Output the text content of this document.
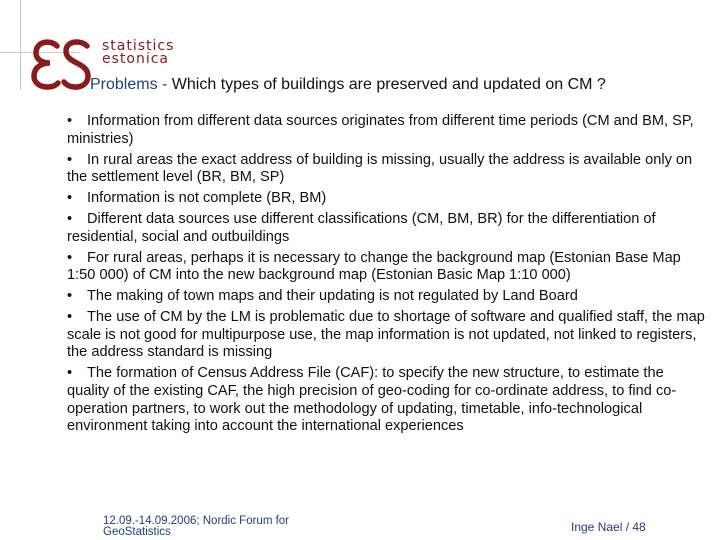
statistics
estonica
Problems - Which types of buildings are preserved and updated on CM ?

• Information from different data sources originates from different time periods (CM and BM, SP, ministries)

• In rural areas the exact address of building is missing, usually the address is available only on the settlement level (BR, BM, SP)

• Information is not complete (BR, BM)

• Different data sources use different classifications (CM, BM, BR) for the differentiation of residential, social and outbuildings

• For rural areas, perhaps it is necessary to change the background map (Estonian Base Map 1:50 000) of CM into the new background map (Estonian Basic Map 1:10 000)

• The making of town maps and their updating is not regulated by Land Board

• The use of CM by the LM is problematic due to shortage of software and qualified staff, the map scale is not good for multipurpose use, the map information is not updated, not linked to registers, the address standard is missing

• The formation of Census Address File (CAF): to specify the new structure, to estimate the quality of the existing CAF, the high precision of geo-coding for co-ordinate address, to find co-operation partners, to work out the methodology of updating, timetable, info-technological environment taking into account the international experiences

12.09.-14.09.2006; Nordic Forum for
GeoStatistics	Inge Nael / 48
